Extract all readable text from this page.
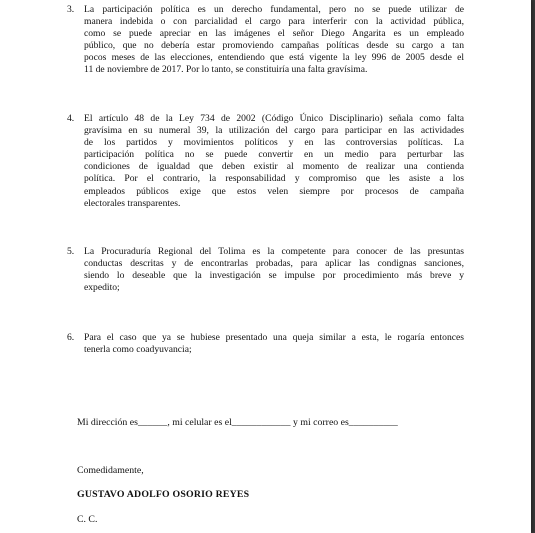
3. La participación política es un derecho fundamental, pero no se puede utilizar de
manera indebida o con parcialidad el cargo para interferir con la actividad pública,
como se puede apreciar en las imágenes el señor Diego Angarita es un empleado
público, que no debería estar promoviendo campañas políticas desde su cargo a tan
pocos meses de las elecciones, entendiendo que está vigente la ley 996 de 2005 desde el
11 de noviembre de 2017. Por lo tanto, se constituiría una falta gravísima.
4. El artículo 48 de la Ley 734 de 2002 (Código Único Disciplinario) señala como falta
gravísima en su numeral 39, la utilización del cargo para participar en las actividades
de los partidos y movimientos políticos y en las controversias políticas. La
participación política no se puede convertir en un medio para perturbar las
condiciones de igualdad que deben existir al momento de realizar una contienda
política. Por el contrario, la responsabilidad y compromiso que les asiste a los
empleados públicos exige que estos velen siempre por procesos de campaña
electorales transparentes.
5. La Procuraduría Regional del Tolima es la competente para conocer de las presuntas
conductas descritas y de encontrarlas probadas, para aplicar las condignas sanciones,
siendo lo deseable que la investigación se impulse por procedimiento más breve y
expedito;
6. Para el caso que ya se hubiese presentado una queja similar a esta, le rogaría entonces
tenerla como coadyuvancia;
Mi dirección es______, mi celular es el____________ y mi correo es__________
Comedidamente,
GUSTAVO ADOLFO OSORIO REYES
C. C.
